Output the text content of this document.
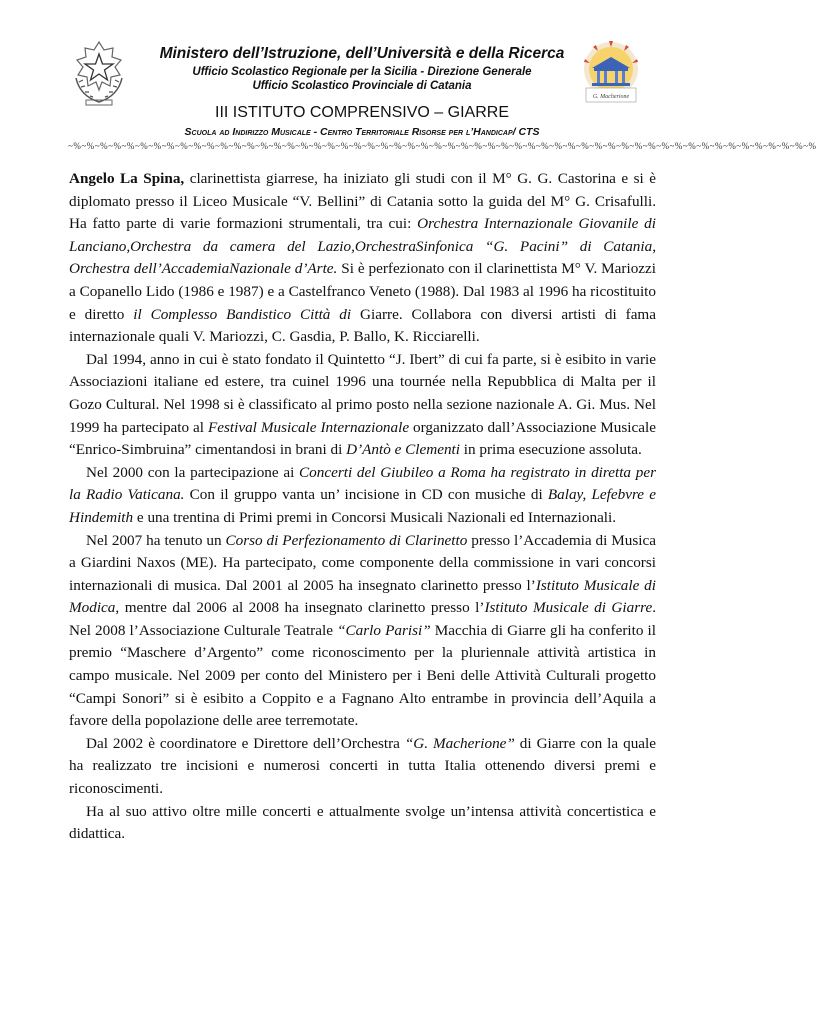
Ministero dell’Istruzione, dell’Università e della Ricerca
Ufficio Scolastico Regionale per la Sicilia - Direzione Generale
Ufficio Scolastico Provinciale di Catania
G. Macherione
III ISTITUTO COMPRENSIVO – GIARRE
Scuola ad Indirizzo Musicale - Centro Territoriale Risorse per l’Handicap/ CTS
~%~%~%~%~%~%~%~%~%~%~%~%~%~%~%~%~%~%~%~%~%~%~%~%~%~%~%~%~%~%~%~%~%~%~%~%~%~%~%~%~%~%~%~%~%~%~%~%~%~%~%~%~%~%~%~%

Angelo La Spina, clarinettista giarrese, ha iniziato gli studi con il M° G. G. Castorina e si è diplomato presso il Liceo Musicale “V. Bellini” di Catania sotto la guida del M° G. Crisafulli. Ha fatto parte di varie formazioni strumentali, tra cui: Orchestra Internazionale Giovanile di Lanciano,Orchestra da camera del Lazio,OrchestraSinfonica “G. Pacini” di Catania, Orchestra dell’AccademiaNazionale d’Arte. Si è perfezionato con il clarinettista M° V. Mariozzi a Copanello Lido (1986 e 1987) e a Castelfranco Veneto (1988). Dal 1983 al 1996 ha ricostituito e diretto il Complesso Bandistico Città di Giarre. Collabora con diversi artisti di fama internazionale quali V. Mariozzi, C. Gasdia, P. Ballo, K. Ricciarelli.

Dal 1994, anno in cui è stato fondato il Quintetto “J. Ibert” di cui fa parte, si è esibito in varie Associazioni italiane ed estere, tra cuinel 1996 una tournée nella Repubblica di Malta per il Gozo Cultural. Nel 1998 si è classificato al primo posto nella sezione nazionale A. Gi. Mus. Nel 1999 ha partecipato al Festival Musicale Internazionale organizzato dall’Associazione Musicale “Enrico-Simbruina” cimentandosi in brani di D’Antò e Clementi in prima esecuzione assoluta.

Nel 2000 con la partecipazione ai Concerti del Giubileo a Roma ha registrato in diretta per la Radio Vaticana. Con il gruppo vanta un’ incisione in CD con musiche di Balay, Lefebvre e Hindemith e una trentina di Primi premi in Concorsi Musicali Nazionali ed Internazionali.

Nel 2007 ha tenuto un Corso di Perfezionamento di Clarinetto presso l’Accademia di Musica a Giardini Naxos (ME). Ha partecipato, come componente della commissione in vari concorsi internazionali di musica. Dal 2001 al 2005 ha insegnato clarinetto presso l’Istituto Musicale di Modica, mentre dal 2006 al 2008 ha insegnato clarinetto presso l’Istituto Musicale di Giarre. Nel 2008 l’Associazione Culturale Teatrale “Carlo Parisi” Macchia di Giarre gli ha conferito il premio “Maschere d’Argento” come riconoscimento per la pluriennale attività artistica in campo musicale. Nel 2009 per conto del Ministero per i Beni delle Attività Culturali progetto “Campi Sonori” si è esibito a Coppito e a Fagnano Alto entrambe in provincia dell’Aquila a favore della popolazione delle aree terremotate.

Dal 2002 è coordinatore e Direttore dell’Orchestra “G. Macherione” di Giarre con la quale ha realizzato tre incisioni e numerosi concerti in tutta Italia ottenendo diversi premi e riconoscimenti.

Ha al suo attivo oltre mille concerti e attualmente svolge un’intensa attività concertistica e didattica.
